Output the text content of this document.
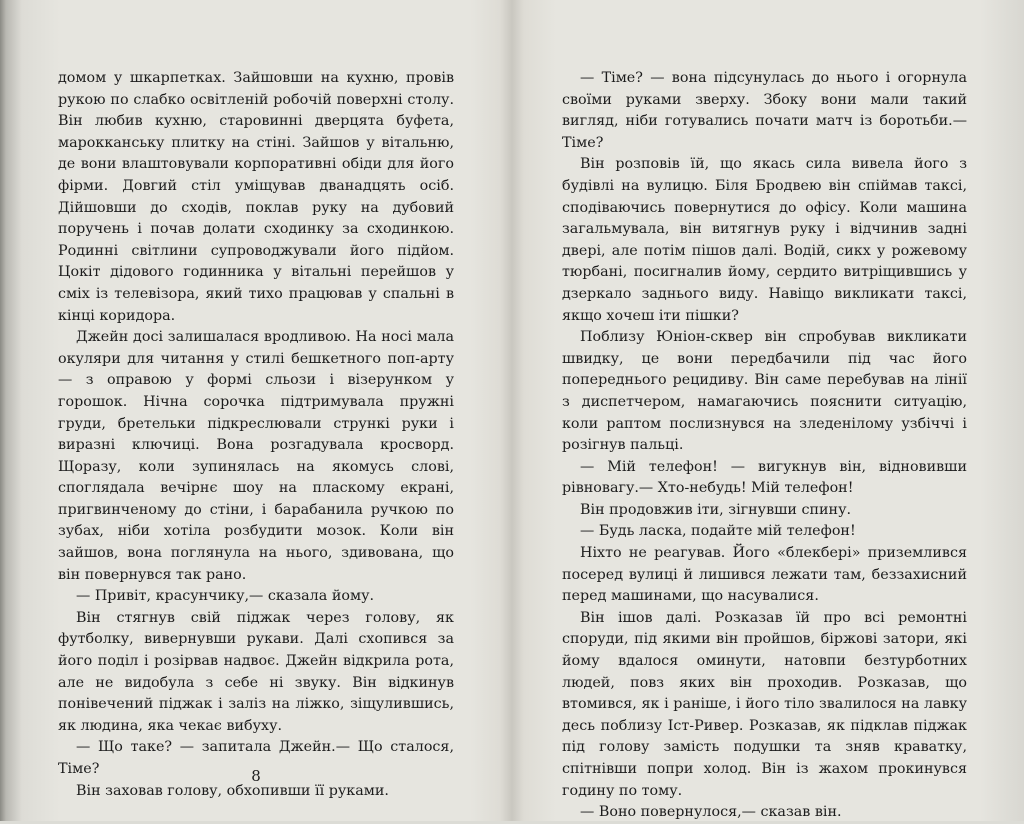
домом у шкарпетках. Зайшовши на кухню, провів рукою по слабко освітленій робочій поверхні столу. Він любив кухню, старовинні дверцята буфета, марокканську плитку на стіні. Зайшов у вітальню, де вони влаштовували корпоративні обіди для його фірми. Довгий стіл уміщував дванадцять осіб. Дійшовши до сходів, поклав руку на дубовий поручень і почав долати сходинку за сходинкою. Родинні світлини супроводжували його підйом. Цокіт дідового годинника у вітальні перейшов у сміх із телевізора, який тихо працював у спальні в кінці коридора.

Джейн досі залишалася вродливою. На носі мала окуляри для читання у стилі бешкетного поп-арту — з оправою у формі сльози і візерунком у горошок. Нічна сорочка підтримувала пружні груди, бретельки підкреслювали стрункі руки і виразні ключиці. Вона розгадувала кросворд. Щоразу, коли зупинялась на якомусь слові, споглядала вечірнє шоу на пласкому екрані, пригвинченому до стіни, і барабанила ручкою по зубах, ніби хотіла розбудити мозок. Коли він зайшов, вона поглянула на нього, здивована, що він повернувся так рано.

— Привіт, красунчику,— сказала йому.

Він стягнув свій піджак через голову, як футболку, вивернувши рукави. Далі схопився за його поділ і розірвав надвоє. Джейн відкрила рота, але не видобула з себе ні звуку. Він відкинув понівечений піджак і заліз на ліжко, зіщулившись, як людина, яка чекає вибуху.

— Що таке? — запитала Джейн.— Що сталося, Тіме?

Він заховав голову, обхопивши її руками.

8

— Тіме? — вона підсунулась до нього і огорнула своїми руками зверху. Збоку вони мали такий вигляд, ніби готувались почати матч із боротьби.— Тіме?

Він розповів їй, що якась сила вивела його з будівлі на вулицю. Біля Бродвею він спіймав таксі, сподіваючись повернутися до офісу. Коли машина загальмувала, він витягнув руку і відчинив задні двері, але потім пішов далі. Водій, сикх у рожевому тюрбані, посигналив йому, сердито витріщившись у дзеркало заднього виду. Навіщо викликати таксі, якщо хочеш іти пішки?

Поблизу Юніон-сквер він спробував викликати швидку, це вони передбачили під час його попереднього рецидиву. Він саме перебував на лінії з диспетчером, намагаючись пояснити ситуацію, коли раптом послизнувся на зледенілому узбіччі і розігнув пальці.

— Мій телефон! — вигукнув він, відновивши рівновагу.— Хто-небудь! Мій телефон!

Він продовжив іти, зігнувши спину.

— Будь ласка, подайте мій телефон!

Ніхто не реагував. Його «блекбері» приземлився посеред вулиці й лишився лежати там, беззахисний перед машинами, що насувалися.

Він ішов далі. Розказав їй про всі ремонтні споруди, під якими він пройшов, біржові затори, які йому вдалося оминути, натовпи безтурботних людей, повз яких він проходив. Розказав, що втомився, як і раніше, і його тіло звалилося на лавку десь поблизу Іст-Ривер. Розказав, як підклав піджак під голову замість подушки та зняв краватку, спітнівши попри холод. Він із жахом прокинувся годину по тому.

— Воно повернулося,— сказав він.
